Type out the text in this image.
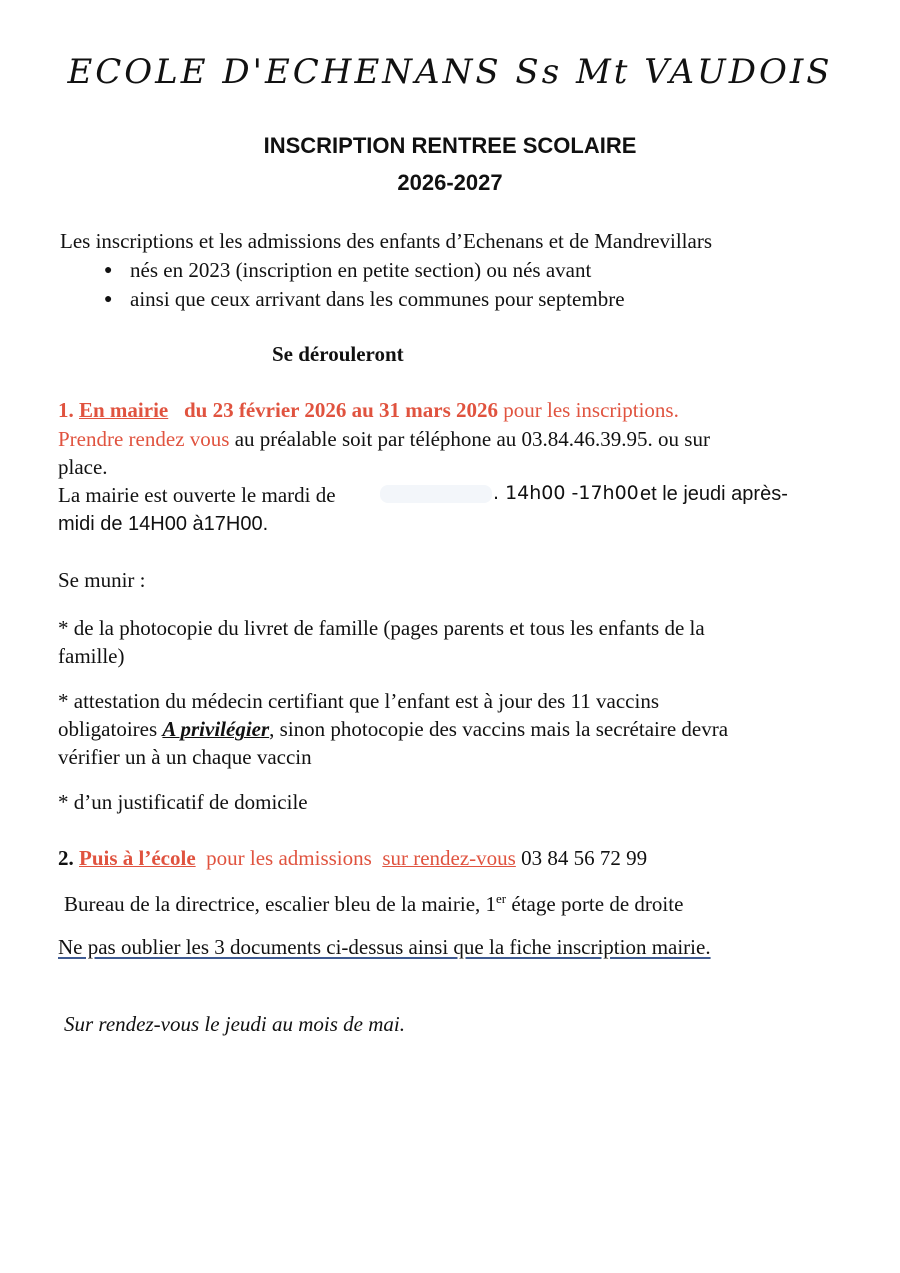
ECOLE D'ECHENANS Ss Mt VAUDOIS
INSCRIPTION RENTREE SCOLAIRE
2026-2027
Les inscriptions et les admissions des enfants d’Echenans et de Mandrevillars
● nés en 2023 (inscription en petite section) ou nés avant
● ainsi que ceux arrivant dans les communes pour septembre
Se dérouleront
1. En mairie du 23 février 2026 au 31 mars 2026 pour les inscriptions.
Prendre rendez vous au préalable soit par téléphone au 03.84.46.39.95. ou sur
place.
La mairie est ouverte le mardi de	. 14h00 -17h00 et le jeudi après-
midi de 14H00 à17H00.
Se munir :
* de la photocopie du livret de famille (pages parents et tous les enfants de la
famille)
* attestation du médecin certifiant que l’enfant est à jour des 11 vaccins
obligatoires A privilégier, sinon photocopie des vaccins mais la secrétaire devra
vérifier un à un chaque vaccin
* d’un justificatif de domicile
2. Puis à l’école pour les admissions sur rendez-vous 03 84 56 72 99
Bureau de la directrice, escalier bleu de la mairie, 1er étage porte de droite
Ne pas oublier les 3 documents ci-dessus ainsi que la fiche inscription mairie.
Sur rendez-vous le jeudi au mois de mai.
